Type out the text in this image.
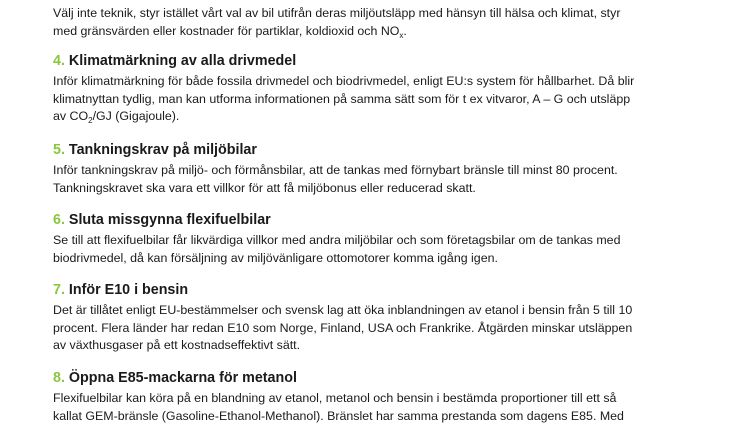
Välj inte teknik, styr istället vårt val av bil utifrån deras miljöutsläpp med hänsyn till hälsa och klimat, styr
med gränsvärden eller kostnader för partiklar, koldioxid och $NO_x$.

4. Klimatmärkning av alla drivmedel

Inför klimatmärkning för både fossila drivmedel och biodrivmedel, enligt EU:s system för hållbarhet. Då blir
klimatnyttan tydlig, man kan utforma informationen på samma sätt som för t ex vitvaror, A – G och utsläpp
av $CO_2/GJ$ (Gigajoule).

5. Tankningskrav på miljöbilar

Inför tankningskrav på miljö- och förmånsbilar, att de tankas med förnybart bränsle till minst 80 procent.
Tankningskravet ska vara ett villkor för att få miljöbonus eller reducerad skatt.

6. Sluta missgynna flexifuelbilar

Se till att flexifuelbilar får likvärdiga villkor med andra miljöbilar och som företagsbilar om de tankas med
biodrivmedel, då kan försäljning av miljövänligare ottomotorer komma igång igen.

7. Inför E10 i bensin

Det är tillåtet enligt EU-bestämmelser och svensk lag att öka inblandningen av etanol i bensin från 5 till 10
procent. Flera länder har redan E10 som Norge, Finland, USA och Frankrike. Åtgärden minskar utsläppen
av växthusgaser på ett kostnadseffektivt sätt.

8. Öppna E85-mackarna för metanol

Flexifuelbilar kan köra på en blandning av etanol, metanol och bensin i bestämda proportioner till ett så
kallat GEM-bränsle (Gasoline-Ethanol-Methanol). Bränslet har samma prestanda som dagens E85. Med
